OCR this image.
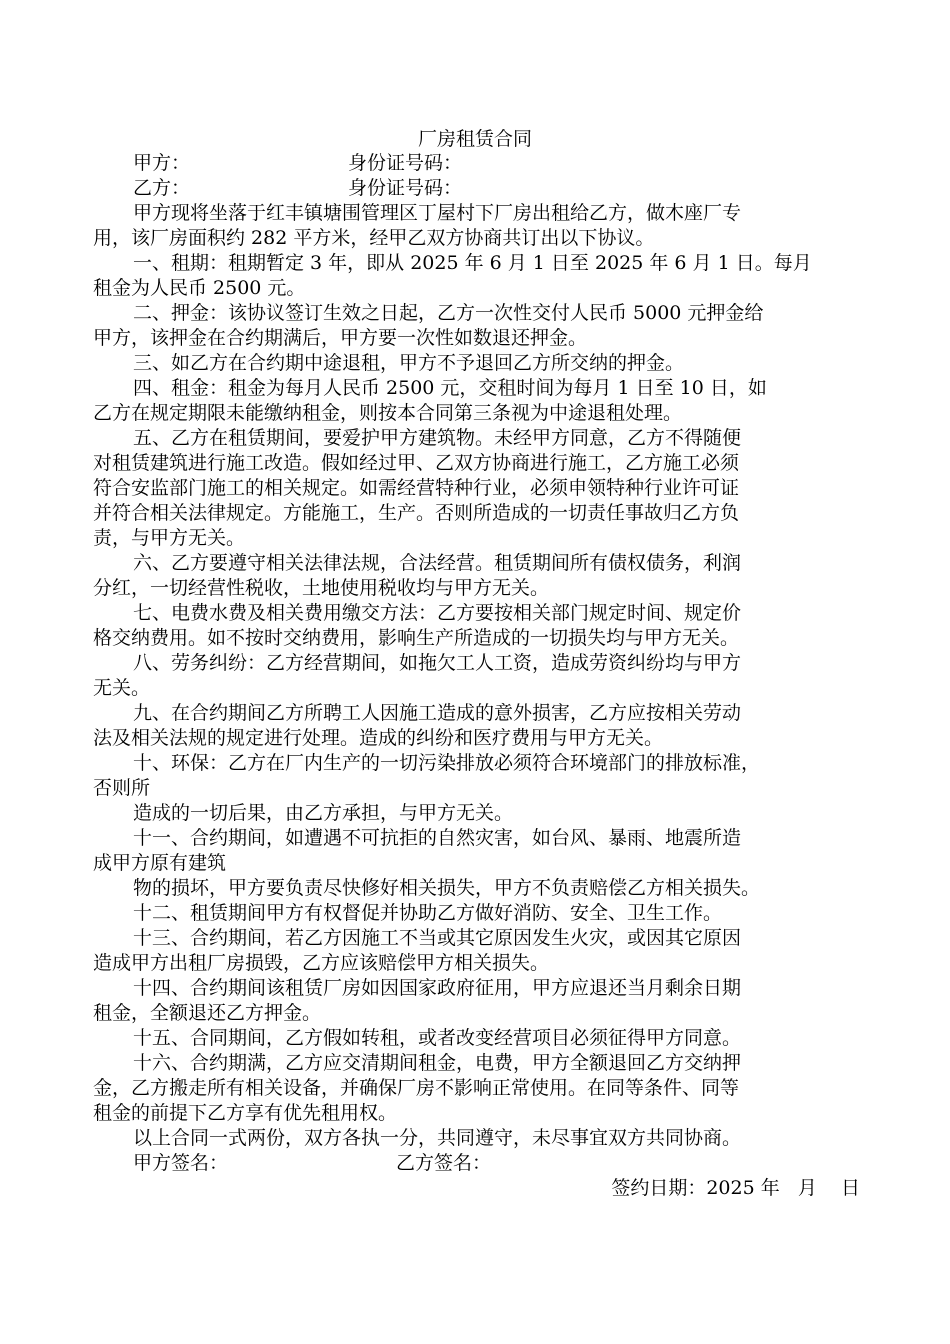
厂房租赁合同
甲方：	身份证号码：
乙方：	身份证号码：
甲方现将坐落于红丰镇塘围管理区丁屋村下厂房出租给乙方，做木座厂专
用，该厂房面积约 282 平方米，经甲乙双方协商共订出以下协议。
一、租期：租期暂定 3 年，即从 2025 年 6 月 1 日至 2025 年 6 月 1 日。每月
租金为人民币 2500 元。
二、押金：该协议签订生效之日起，乙方一次性交付人民币 5000 元押金给
甲方，该押金在合约期满后，甲方要一次性如数退还押金。
三、如乙方在合约期中途退租，甲方不予退回乙方所交纳的押金。
四、租金：租金为每月人民币 2500 元，交租时间为每月 1 日至 10 日，如
乙方在规定期限未能缴纳租金，则按本合同第三条视为中途退租处理。
五、乙方在租赁期间，要爱护甲方建筑物。未经甲方同意，乙方不得随便
对租赁建筑进行施工改造。假如经过甲、乙双方协商进行施工，乙方施工必须
符合安监部门施工的相关规定。如需经营特种行业，必须申领特种行业许可证
并符合相关法律规定。方能施工，生产。否则所造成的一切责任事故归乙方负
责，与甲方无关。
六、乙方要遵守相关法律法规，合法经营。租赁期间所有债权债务，利润
分红，一切经营性税收，土地使用税收均与甲方无关。
七、电费水费及相关费用缴交方法：乙方要按相关部门规定时间、规定价
格交纳费用。如不按时交纳费用，影响生产所造成的一切损失均与甲方无关。
八、劳务纠纷：乙方经营期间，如拖欠工人工资，造成劳资纠纷均与甲方
无关。
九、在合约期间乙方所聘工人因施工造成的意外损害，乙方应按相关劳动
法及相关法规的规定进行处理。造成的纠纷和医疗费用与甲方无关。
十、环保：乙方在厂内生产的一切污染排放必须符合环境部门的排放标准，
否则所
造成的一切后果，由乙方承担，与甲方无关。
十一、合约期间，如遭遇不可抗拒的自然灾害，如台风、暴雨、地震所造
成甲方原有建筑
物的损坏，甲方要负责尽快修好相关损失，甲方不负责赔偿乙方相关损失。
十二、租赁期间甲方有权督促并协助乙方做好消防、安全、卫生工作。
十三、合约期间，若乙方因施工不当或其它原因发生火灾，或因其它原因
造成甲方出租厂房损毁，乙方应该赔偿甲方相关损失。
十四、合约期间该租赁厂房如因国家政府征用，甲方应退还当月剩余日期
租金，全额退还乙方押金。
十五、合同期间，乙方假如转租，或者改变经营项目必须征得甲方同意。
十六、合约期满，乙方应交清期间租金，电费，甲方全额退回乙方交纳押
金，乙方搬走所有相关设备，并确保厂房不影响正常使用。在同等条件、同等
租金的前提下乙方享有优先租用权。
以上合同一式两份，双方各执一分，共同遵守，未尽事宜双方共同协商。
甲方签名：	乙方签名：
签约日期：2025 年   月    日
